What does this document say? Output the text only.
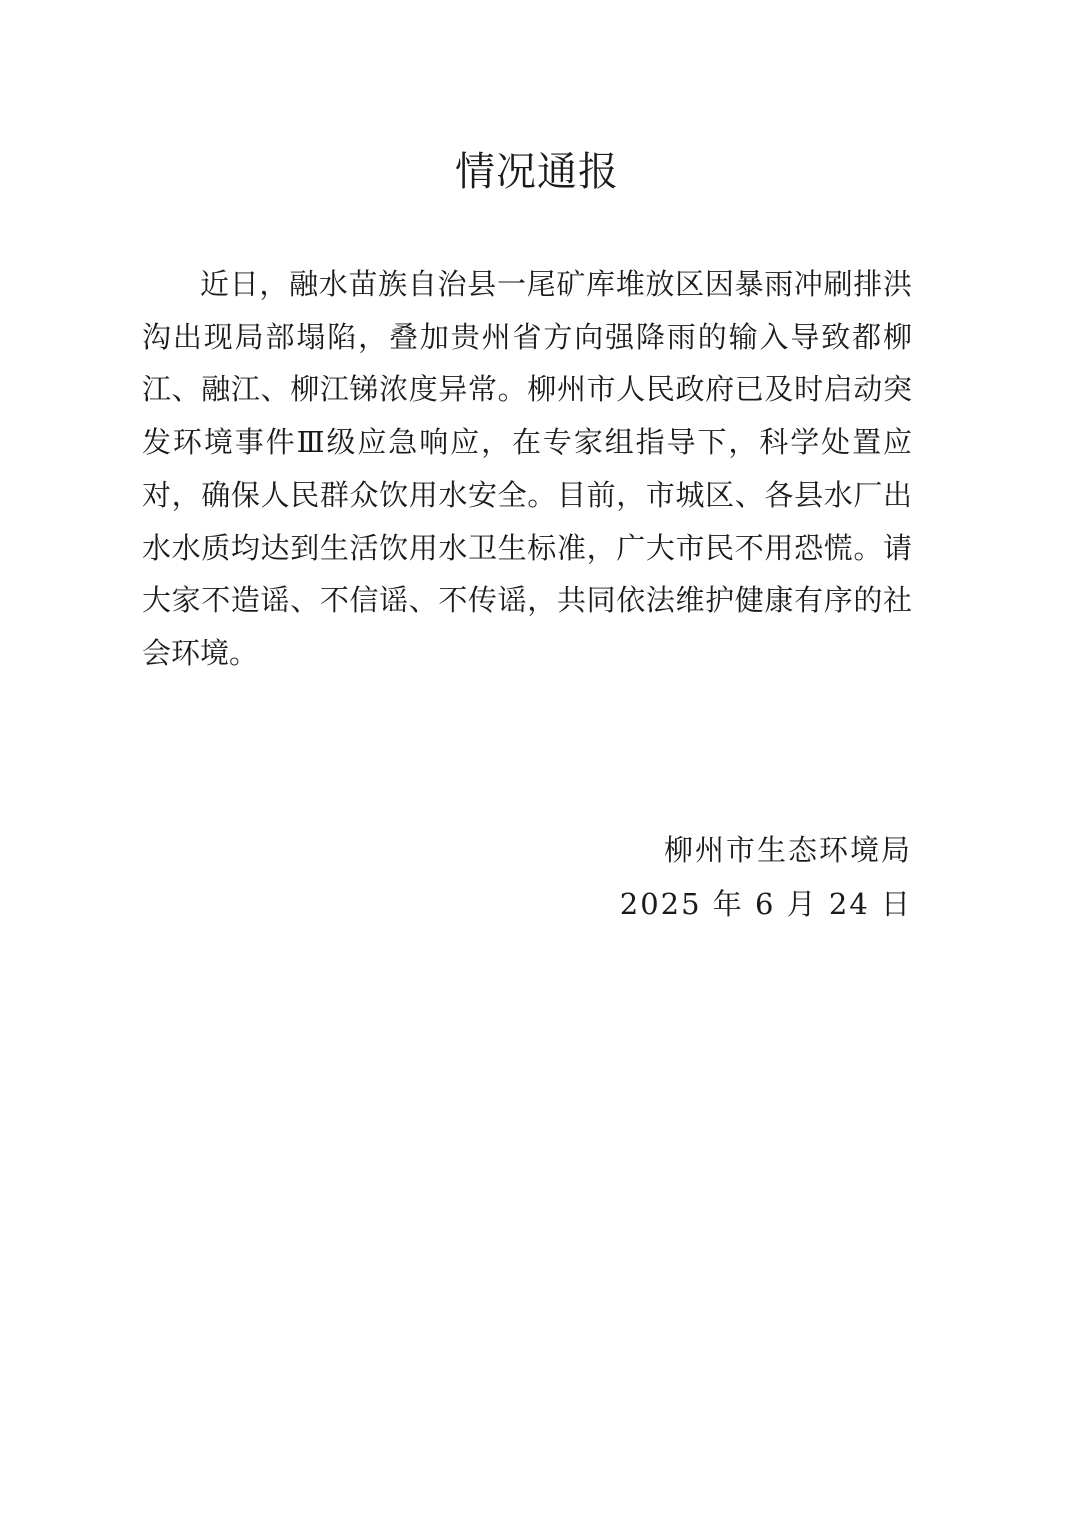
情况通报

近日，融水苗族自治县一尾矿库堆放区因暴雨冲刷排洪沟出现局部塌陷，叠加贵州省方向强降雨的输入导致都柳江、融江、柳江锑浓度异常。柳州市人民政府已及时启动突发环境事件Ⅲ级应急响应，在专家组指导下，科学处置应对，确保人民群众饮用水安全。目前，市城区、各县水厂出水水质均达到生活饮用水卫生标准，广大市民不用恐慌。请大家不造谣、不信谣、不传谣，共同依法维护健康有序的社会环境。

柳州市生态环境局
2025 年 6 月 24 日
